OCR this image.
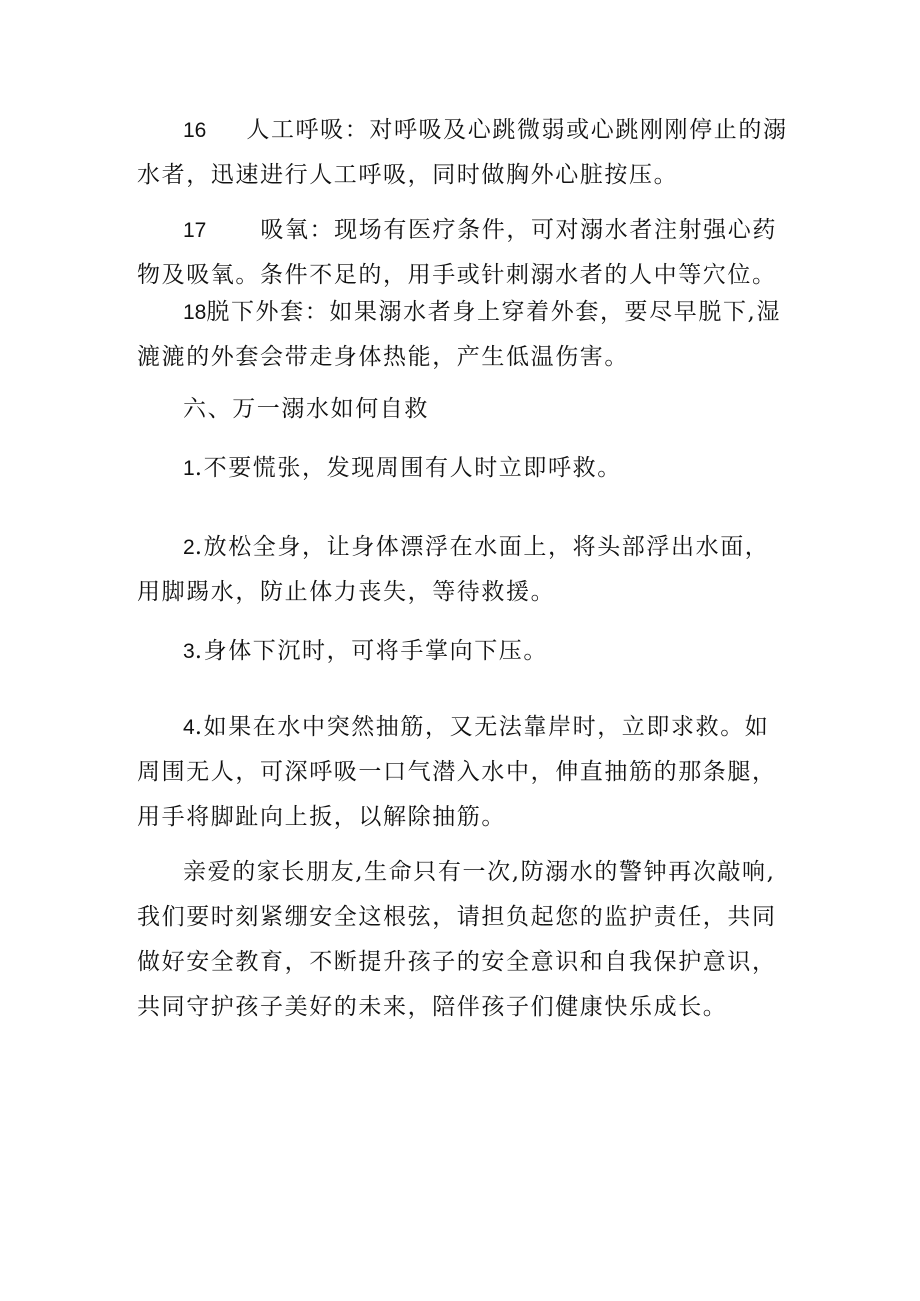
16 人工呼吸：对呼吸及心跳微弱或心跳刚刚停止的溺水者，迅速进行人工呼吸，同时做胸外心脏按压。

17 吸氧：现场有医疗条件，可对溺水者注射强心药物及吸氧。条件不足的，用手或针刺溺水者的人中等穴位。

18脱下外套：如果溺水者身上穿着外套，要尽早脱下,湿漉漉的外套会带走身体热能，产生低温伤害。

六、万一溺水如何自救

1.不要慌张，发现周围有人时立即呼救。

2.放松全身，让身体漂浮在水面上，将头部浮出水面，用脚踢水，防止体力丧失，等待救援。

3.身体下沉时，可将手掌向下压。

4.如果在水中突然抽筋，又无法靠岸时，立即求救。如周围无人，可深呼吸一口气潜入水中，伸直抽筋的那条腿，用手将脚趾向上扳，以解除抽筋。

亲爱的家长朋友,生命只有一次,防溺水的警钟再次敲响,我们要时刻紧绷安全这根弦，请担负起您的监护责任，共同做好安全教育，不断提升孩子的安全意识和自我保护意识，共同守护孩子美好的未来，陪伴孩子们健康快乐成长。
